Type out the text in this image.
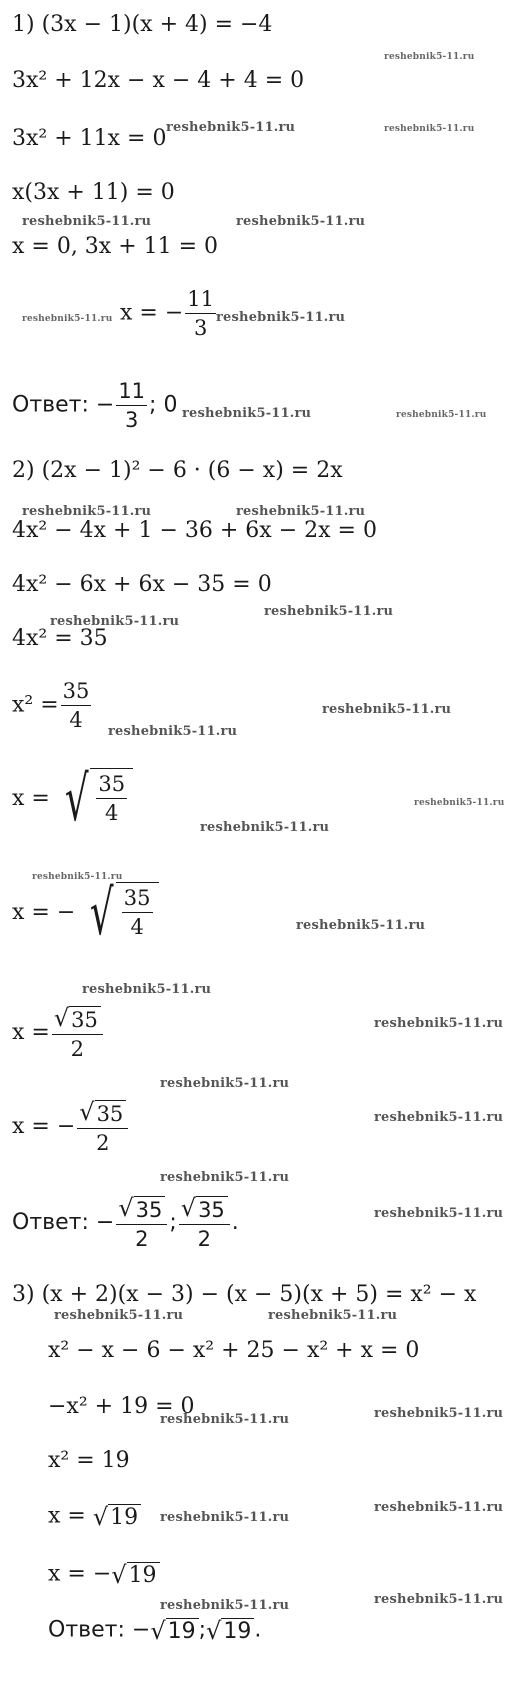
1) (3x − 1)(x + 4) = −4
3x² + 12x − x − 4 + 4 = 0
3x² + 11x = 0
x(3x + 11) = 0
x = 0, 3x + 11 = 0
x = − $\frac{11}{3}$
Ответ: − $\frac{11}{3}$ ; 0
2) (2x − 1)² − 6 · (6 − x) = 2x
4x² − 4x + 1 − 36 + 6x − 2x = 0
4x² − 6x + 6x − 35 = 0
4x² = 35
$x^2 = \frac{35}{4}$
x = √ $\frac{35}{4}$
x = − √ $\frac{35}{4}$
$x = \frac{√35}{2}$
x = − $\frac{√35}{2}$
Ответ: − $\frac{√35}{2}$ ; $\frac{√35}{2}$ .
3) (x + 2)(x − 3) − (x − 5)(x + 5) = x² − x
x² − x − 6 − x² + 25 − x² + x = 0
−x² + 19 = 0
x² = 19
x = √19
x = −√19
Ответ: −√19 ;√19 .
reshebnik5-11.ru
reshebnik5-11.ru	reshebnik5-11.ru
reshebnik5-11.ru	reshebnik5-11.ru
reshebnik5-11.ru	reshebnik5-11.ru
reshebnik5-11.ru	reshebnik5-11.ru
reshebnik5-11.ru	reshebnik5-11.ru
reshebnik5-11.ru
reshebnik5-11.ru
reshebnik5-11.ru
reshebnik5-11.ru
reshebnik5-11.ru
reshebnik5-11.ru
reshebnik5-11.ru
reshebnik5-11.ru
reshebnik5-11.ru
reshebnik5-11.ru
reshebnik5-11.ru
reshebnik5-11.ru
reshebnik5-11.ru
reshebnik5-11.ru
reshebnik5-11.ru	reshebnik5-11.ru
reshebnik5-11.ru	reshebnik5-11.ru
reshebnik5-11.ru
reshebnik5-11.ru
reshebnik5-11.ru	reshebnik5-11.ru
